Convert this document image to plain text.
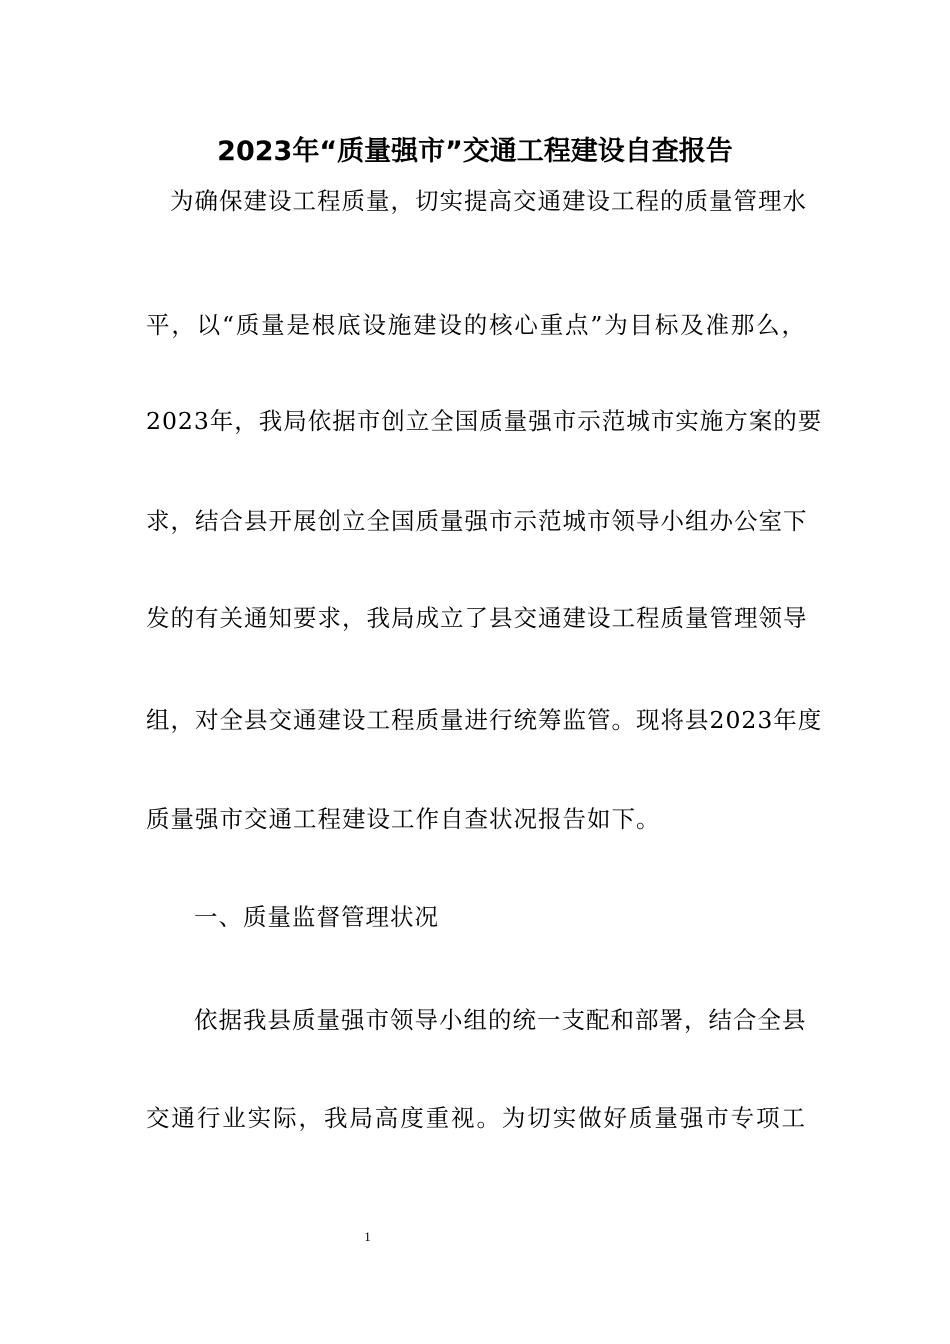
2023年“质量强市”交通工程建设自查报告
为确保建设工程质量，切实提高交通建设工程的质量管理水
平，以“质量是根底设施建设的核心重点”为目标及准那么，
2023年，我局依据市创立全国质量强市示范城市实施方案的要
求，结合县开展创立全国质量强市示范城市领导小组办公室下
发的有关通知要求，我局成立了县交通建设工程质量管理领导
组，对全县交通建设工程质量进行统筹监管。现将县2023年度
质量强市交通工程建设工作自查状况报告如下。
一、质量监督管理状况
依据我县质量强市领导小组的统一支配和部署，结合全县
交通行业实际，我局高度重视。为切实做好质量强市专项工
1
